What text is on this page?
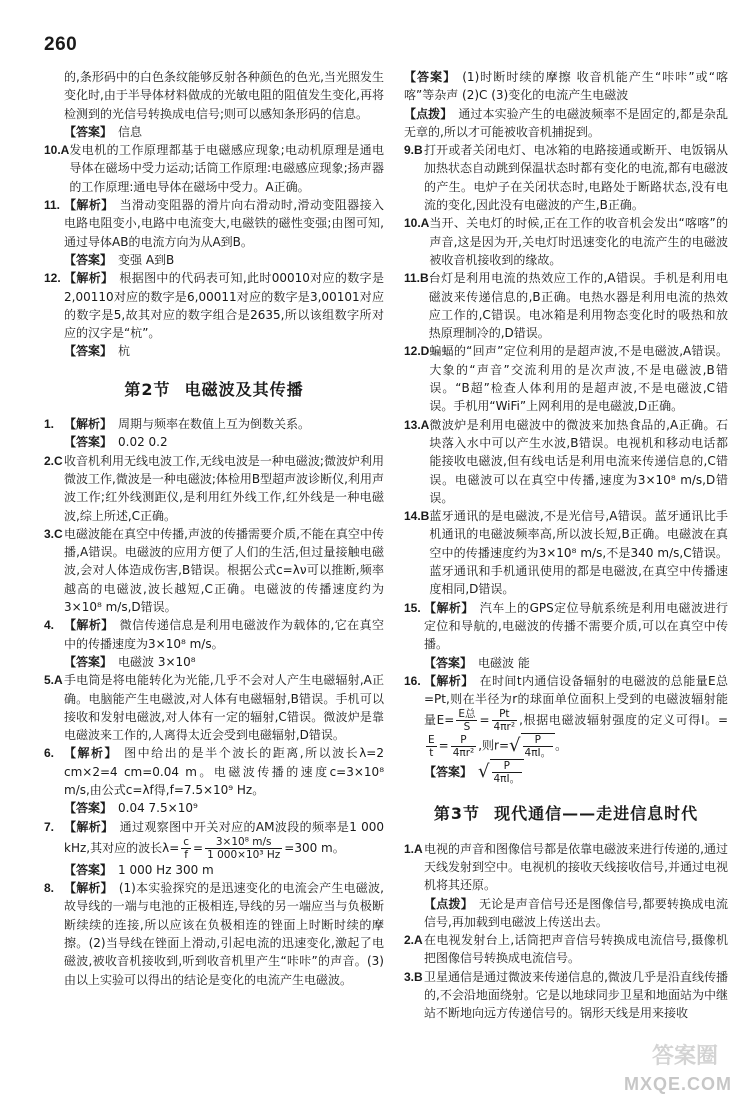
260

的,条形码中的白色条纹能够反射各种颜色的色光,当光照发生变化时,由于半导体材料做成的光敏电阻的阻值发生变化,再将检测到的光信号转换成电信号;则可以感知条形码的信息。

【答案】 信息
10.A 发电机的工作原理都基于电磁感应现象;电动机原理是通电导体在磁场中受力运动;话筒工作原理:电磁感应现象;扬声器的工作原理:通电导体在磁场中受力。A正确。
11. 【解析】 当滑动变阻器的滑片向右滑动时,滑动变阻器接入电路电阻变小,电路中电流变大,电磁铁的磁性变强;由图可知,通过导体AB的电流方向为从A到B。
【答案】 变强 A到B
12. 【解析】 根据图中的代码表可知,此时00010对应的数字是2,00110对应的数字是6,00011对应的数字是3,00101对应的数字是5,故其对应的数字组合是2635,所以该组数字所对应的汉字是“杭”。
【答案】 杭
第2节 电磁波及其传播
1. 【解析】 周期与频率在数值上互为倒数关系。
【答案】 0.02 0.2
2.C 收音机利用无线电波工作,无线电波是一种电磁波;微波炉利用微波工作,微波是一种电磁波;体检用B型超声波诊断仪,利用声波工作;红外线测距仪,是利用红外线工作,红外线是一种电磁波,综上所述,C正确。
3.C 电磁波能在真空中传播,声波的传播需要介质,不能在真空中传播,A错误。电磁波的应用方便了人们的生活,但过量接触电磁波,会对人体造成伤害,B错误。根据公式c=λν可以推断,频率越高的电磁波,波长越短,C正确。电磁波的传播速度约为3×10⁸ m/s,D错误。
4. 【解析】 微信传递信息是利用电磁波作为载体的,它在真空中的传播速度为3×10⁸ m/s。
【答案】 电磁波 3×10⁸
5.A 手电筒是将电能转化为光能,几乎不会对人产生电磁辐射,A正确。电脑能产生电磁波,对人体有电磁辐射,B错误。手机可以接收和发射电磁波,对人体有一定的辐射,C错误。微波炉是靠电磁波来工作的,人离得太近会受到电磁辐射,D错误。
6. 【解析】 图中给出的是半个波长的距离,所以波长λ=2 cm×2=4 cm=0.04 m。电磁波传播的速度c=3×10⁸ m/s,由公式c=λf得,f=7.5×10⁹ Hz。
【答案】 0.04 7.5×10⁹
7. 【解析】 通过观察图中开关对应的AM波段的频率是1 000 kHz,其对应的波长$\lambda= \frac{c}{f} = \frac{\text{3×10⁸ m/s}}{\text{1 000×10³ Hz}} =300$ m。
【答案】 1 000 Hz 300 m
8. 【解析】 (1)本实验探究的是迅速变化的电流会产生电磁波,故导线的一端与电池的正极相连,导线的另一端应当与负极断断续续的连接,所以应该在负极相连的锉面上时断时续的摩擦。(2)当导线在锉面上滑动,引起电流的迅速变化,激起了电磁波,被收音机接收到,听到收音机里产生“咔咔”的声音。(3)由以上实验可以得出的结论是变化的电流产生电磁波。
【答案】 (1)时断时续的摩擦 收音机能产生“咔咔”或“喀喀”等杂声 (2)C (3)变化的电流产生电磁波
【点拨】 通过本实验产生的电磁波频率不是固定的,都是杂乱无章的,所以才可能被收音机捕捉到。
9.B 打开或者关闭电灯、电冰箱的电路接通或断开、电饭锅从加热状态自动跳到保温状态时都有变化的电流,都有电磁波的产生。电炉子在关闭状态时,电路处于断路状态,没有电流的变化,因此没有电磁波的产生,B正确。
10.A 当开、关电灯的时候,正在工作的收音机会发出“喀喀”的声音,这是因为开,关电灯时迅速变化的电流产生的电磁波被收音机接收到的缘故。
11.B 台灯是利用电流的热效应工作的,A错误。手机是利用电磁波来传递信息的,B正确。电热水器是利用电流的热效应工作的,C错误。电冰箱是利用物态变化时的吸热和放热原理制冷的,D错误。
12.D 蝙蝠的“回声”定位利用的是超声波,不是电磁波,A错误。大象的“声音”交流利用的是次声波,不是电磁波,B错误。“B超”检查人体利用的是超声波,不是电磁波,C错误。手机用“WiFi”上网利用的是电磁波,D正确。
13.A 微波炉是利用电磁波中的微波来加热食品的,A正确。石块落入水中可以产生水波,B错误。电视机和移动电话都能接收电磁波,但有线电话是利用电流来传递信息的,C错误。电磁波可以在真空中传播,速度为3×10⁸ m/s,D错误。
14.B 蓝牙通讯的是电磁波,不是光信号,A错误。蓝牙通讯比手机通讯的电磁波频率高,所以波长短,B正确。电磁波在真空中的传播速度约为3×10⁸ m/s,不是340 m/s,C错误。蓝牙通讯和手机通讯使用的都是电磁波,在真空中传播速度相同,D错误。
15. 【解析】 汽车上的GPS定位导航系统是利用电磁波进行定位和导航的,电磁波的传播不需要介质,可以在真空中传播。
【答案】 电磁波 能
16. 【解析】 在时间t内通信设备辐射的电磁波的总能量E总=Pt,则在半径为r的球面单位面积上受到的电磁波辐射能量$E= \frac{\text{E总}}{S} = \frac{Pt}{\text{4πr²}}$ ,根据电磁波辐射强度的定义可得I。=
$\frac{E}{t} = \frac{P}{\text{4πr²}}$ ,则$r=√ \frac{P}{4\pi I。}$ 。
【答案】 √ $\frac{P}{4\pi I。}$
第3节 现代通信——走进信息时代
1.A 电视的声音和图像信号都是依靠电磁波来进行传递的,通过天线发射到空中。电视机的接收天线接收信号,并通过电视机将其还原。
【点拨】 无论是声音信号还是图像信号,都要转换成电流信号,再加载到电磁波上传送出去。
2.A 在电视发射台上,话筒把声音信号转换成电流信号,摄像机把图像信号转换成电流信号。
3.B 卫星通信是通过微波来传递信息的,微波几乎是沿直线传播的,不会沿地面绕射。它是以地球同步卫星和地面站为中继站不断地向远方传递信号的。锅形天线是用来接收
答案圈
MXQE.COM
